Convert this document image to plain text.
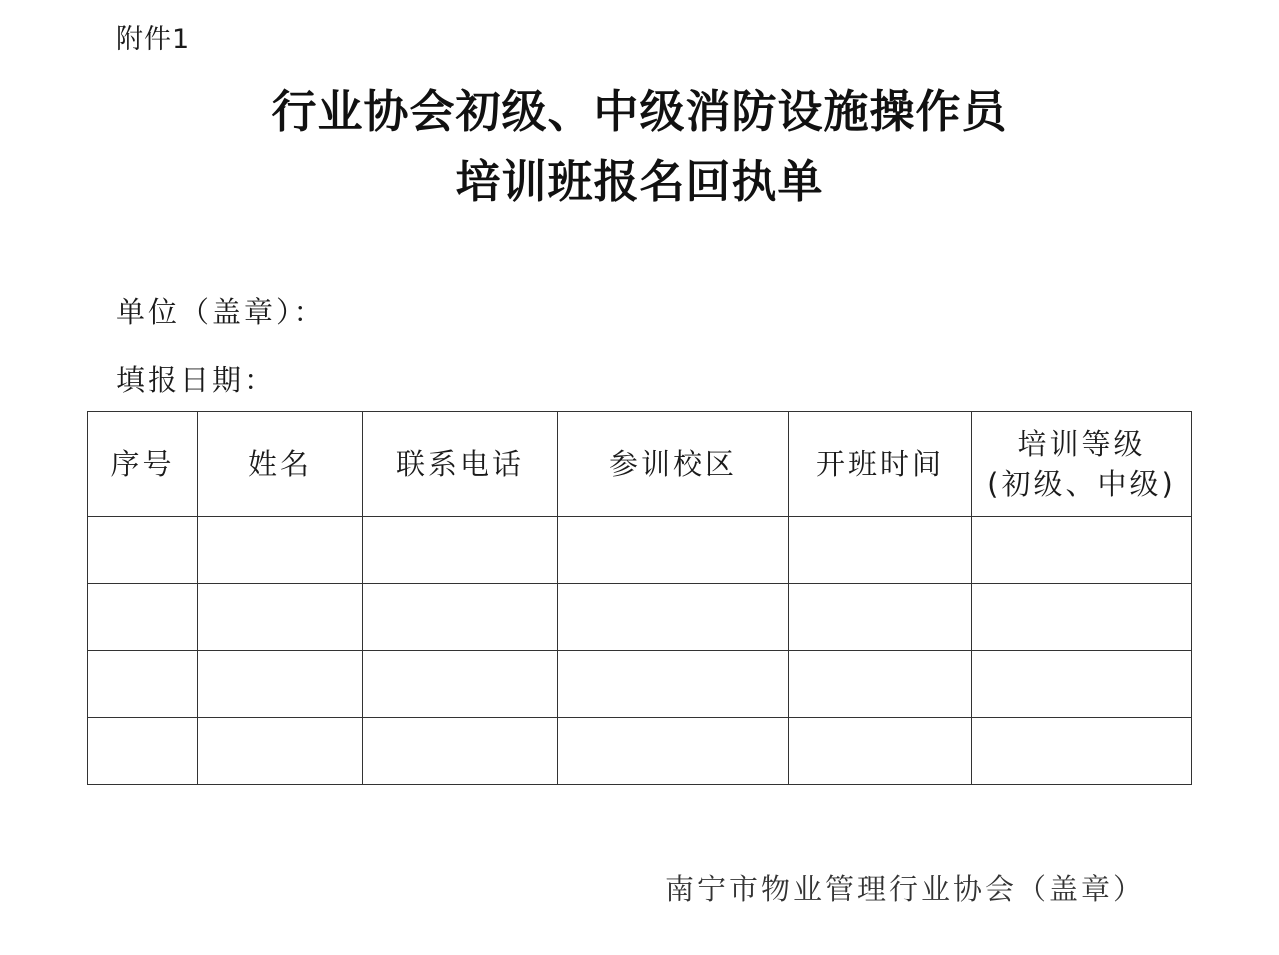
附件1
行业协会初级、中级消防设施操作员
培训班报名回执单
单位（盖章）：
填报日期：
序号	姓名	联系电话	参训校区	开班时间	培训等级
(初级、中级)

南宁市物业管理行业协会（盖章）
